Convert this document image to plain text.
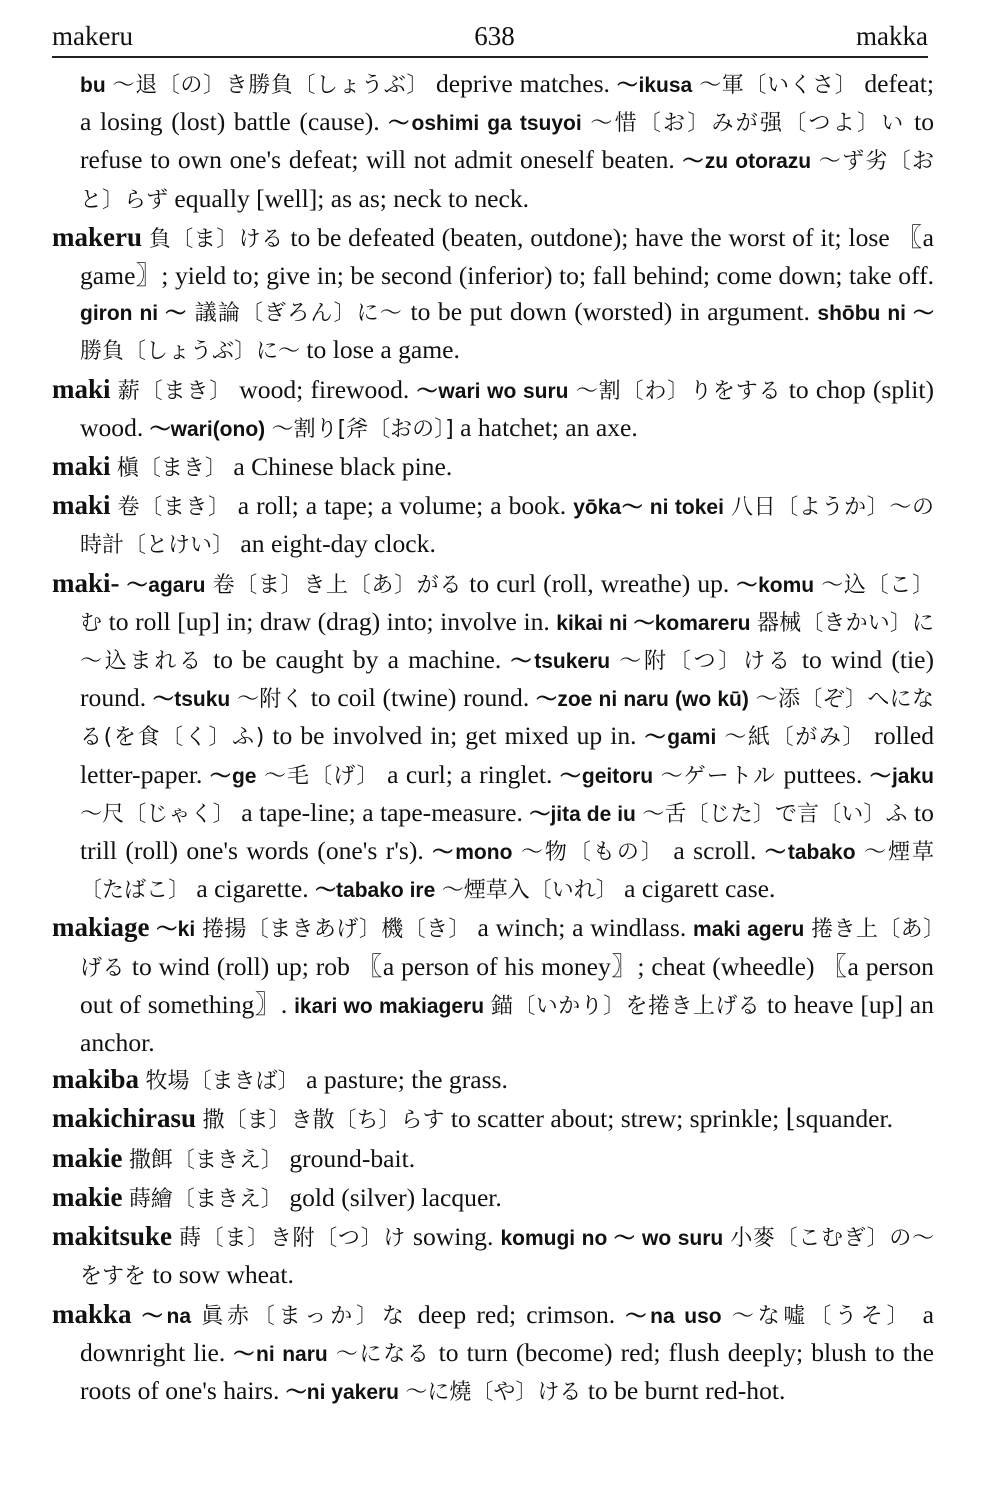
makeru	638	makka
bu ～退〔の〕き勝負〔しょうぶ〕 deprive matches. ～ikusa ～軍〔いくさ〕 defeat; a losing (lost) battle (cause). ～oshimi ga tsuyoi ～惜〔お〕みが强〔つよ〕い to refuse to own one's defeat; will not admit oneself beaten. ～zu otorazu ～ず劣〔おと〕らず equally [well]; as as; neck to neck.
makeru 負〔ま〕ける to be defeated (beaten, outdone); have the worst of it; lose 〖a game〗; yield to; give in; be second (inferior) to; fall behind; come down; take off. giron ni ～ 議論〔ぎろん〕に～ to be put down (worsted) in argument. shōbu ni ～ 勝負〔しょうぶ〕に～ to lose a game.
maki 薪〔まき〕 wood; firewood. ～wari wo suru ～割〔わ〕りをする to chop (split) wood. ～wari(ono) ～割り[斧〔おの〕] a hatchet; an axe.
maki 槇〔まき〕 a Chinese black pine.
maki 卷〔まき〕 a roll; a tape; a volume; a book. yōka～ ni tokei 八日〔ようか〕～の時計〔とけい〕 an eight-day clock.
maki- ～agaru 卷〔ま〕き上〔あ〕がる to curl (roll, wreathe) up. ～komu ～込〔こ〕む to roll [up] in; draw (drag) into; involve in. kikai ni ～komareru 器械〔きかい〕に～込まれる to be caught by a machine. ～tsukeru ～附〔つ〕ける to wind (tie) round. ～tsuku ～附く to coil (twine) round. ～zoe ni naru (wo kū) ～添〔ぞ〕へになる(を食〔く〕ふ) to be involved in; get mixed up in. ～gami ～紙〔がみ〕 rolled letter-paper. ～ge ～毛〔げ〕 a curl; a ringlet. ～geitoru ～ゲートル puttees. ～jaku ～尺〔じゃく〕 a tape-line; a tape-measure. ～jita de iu ～舌〔じた〕で言〔い〕ふ to trill (roll) one's words (one's r's). ～mono ～物〔もの〕 a scroll. ～tabako ～煙草〔たばこ〕 a cigarette. ～tabako ire ～煙草入〔いれ〕 a cigarett case.
makiage ～ki 捲揚〔まきあげ〕機〔き〕 a winch; a windlass. maki ageru 捲き上〔あ〕げる to wind (roll) up; rob 〖a person of his money〗; cheat (wheedle) 〖a person out of something〗. ikari wo makiageru 錨〔いかり〕を捲き上げる to heave [up] an anchor.
makiba 牧場〔まきば〕 a pasture; the grass.
makichirasu 撒〔ま〕き散〔ち〕らす to scatter about; strew; sprinkle; ⌊squander.
makie 撒餌〔まきえ〕 ground-bait.
makie 蒔繪〔まきえ〕 gold (silver) lacquer.
makitsuke 蒔〔ま〕き附〔つ〕け sowing. komugi no ～ wo suru 小麥〔こむぎ〕の～をすを to sow wheat.
makka ～na 眞赤〔まっか〕な deep red; crimson. ～na uso ～な噓〔うそ〕 a downright lie. ～ni naru ～になる to turn (become) red; flush deeply; blush to the roots of one's hairs. ～ni yakeru ～に燒〔や〕ける to be burnt red-hot.
